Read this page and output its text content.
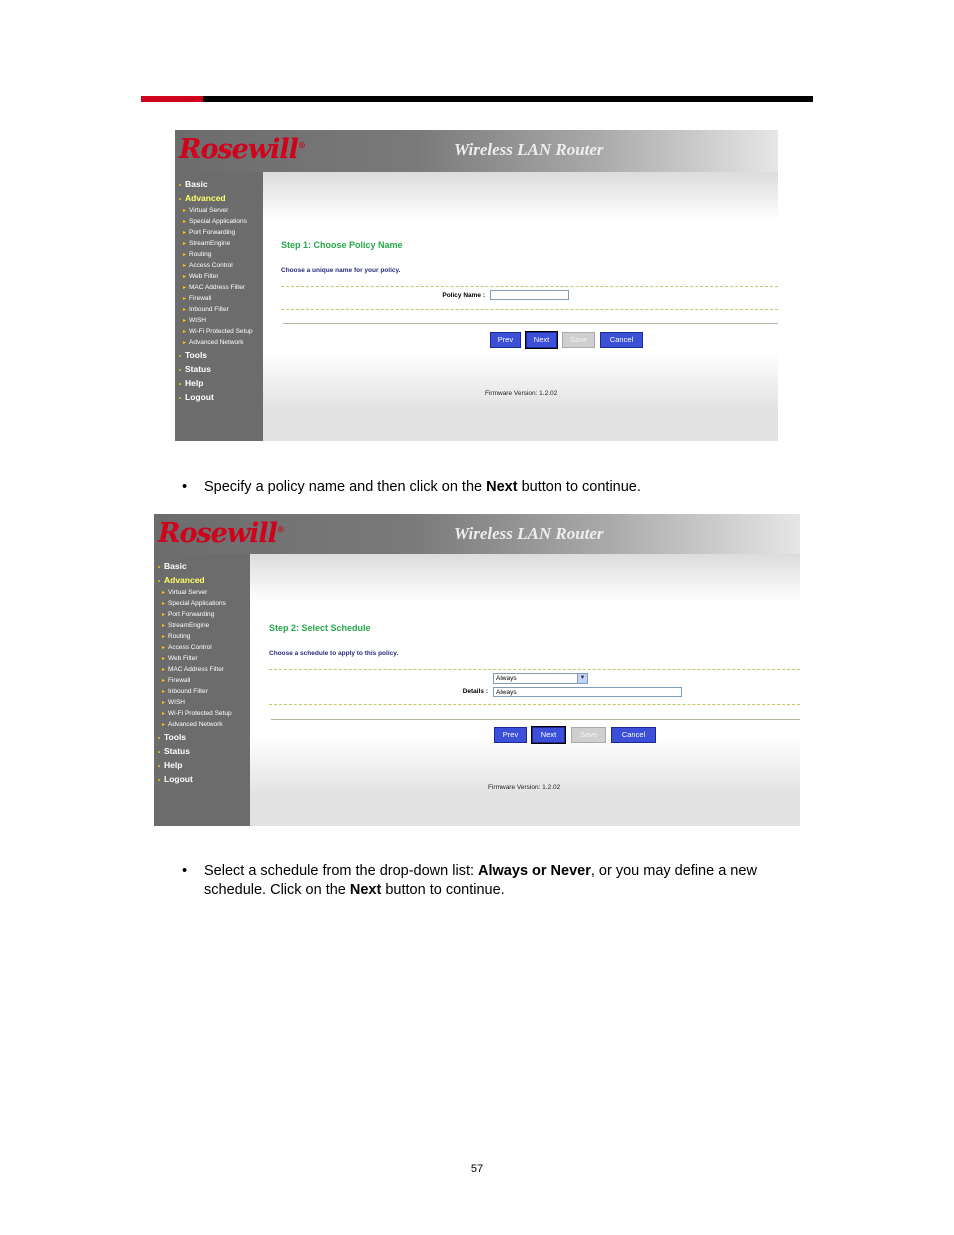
Rosewill®	Wireless LAN Router
• Basic
• Advanced
▸ Virtual Server
▸ Special Applications
▸ Port Forwarding
▸ StreamEngine
▸ Routing
▸ Access Control
▸ Web Filter
▸ MAC Address Filter
▸ Firewall
▸ Inbound Filter
▸ WISH
▸ Wi-Fi Protected Setup
▸ Advanced Network
• Tools
• Status
• Help
• Logout
Step 1: Choose Policy Name
Choose a unique name for your policy.
Policy Name :
Prev	Next	Save	Cancel
Firmware Version: 1.2.02
• Specify a policy name and then click on the Next button to continue.
Rosewill®	Wireless LAN Router
• Basic
• Advanced
▸ Virtual Server
▸ Special Applications
▸ Port Forwarding
▸ StreamEngine
▸ Routing
▸ Access Control
▸ Web Filter
▸ MAC Address Filter
▸ Firewall
▸ Inbound Filter
▸ WISH
▸ Wi-Fi Protected Setup
▸ Advanced Network
• Tools
• Status
• Help
• Logout
Step 2: Select Schedule
Choose a schedule to apply to this policy.
Always	▼
Details :	Always
Prev	Next	Save	Cancel
Firmware Version: 1.2.02
• Select a schedule from the drop-down list: Always or Never, or you may define a new
schedule. Click on the Next button to continue.
57
